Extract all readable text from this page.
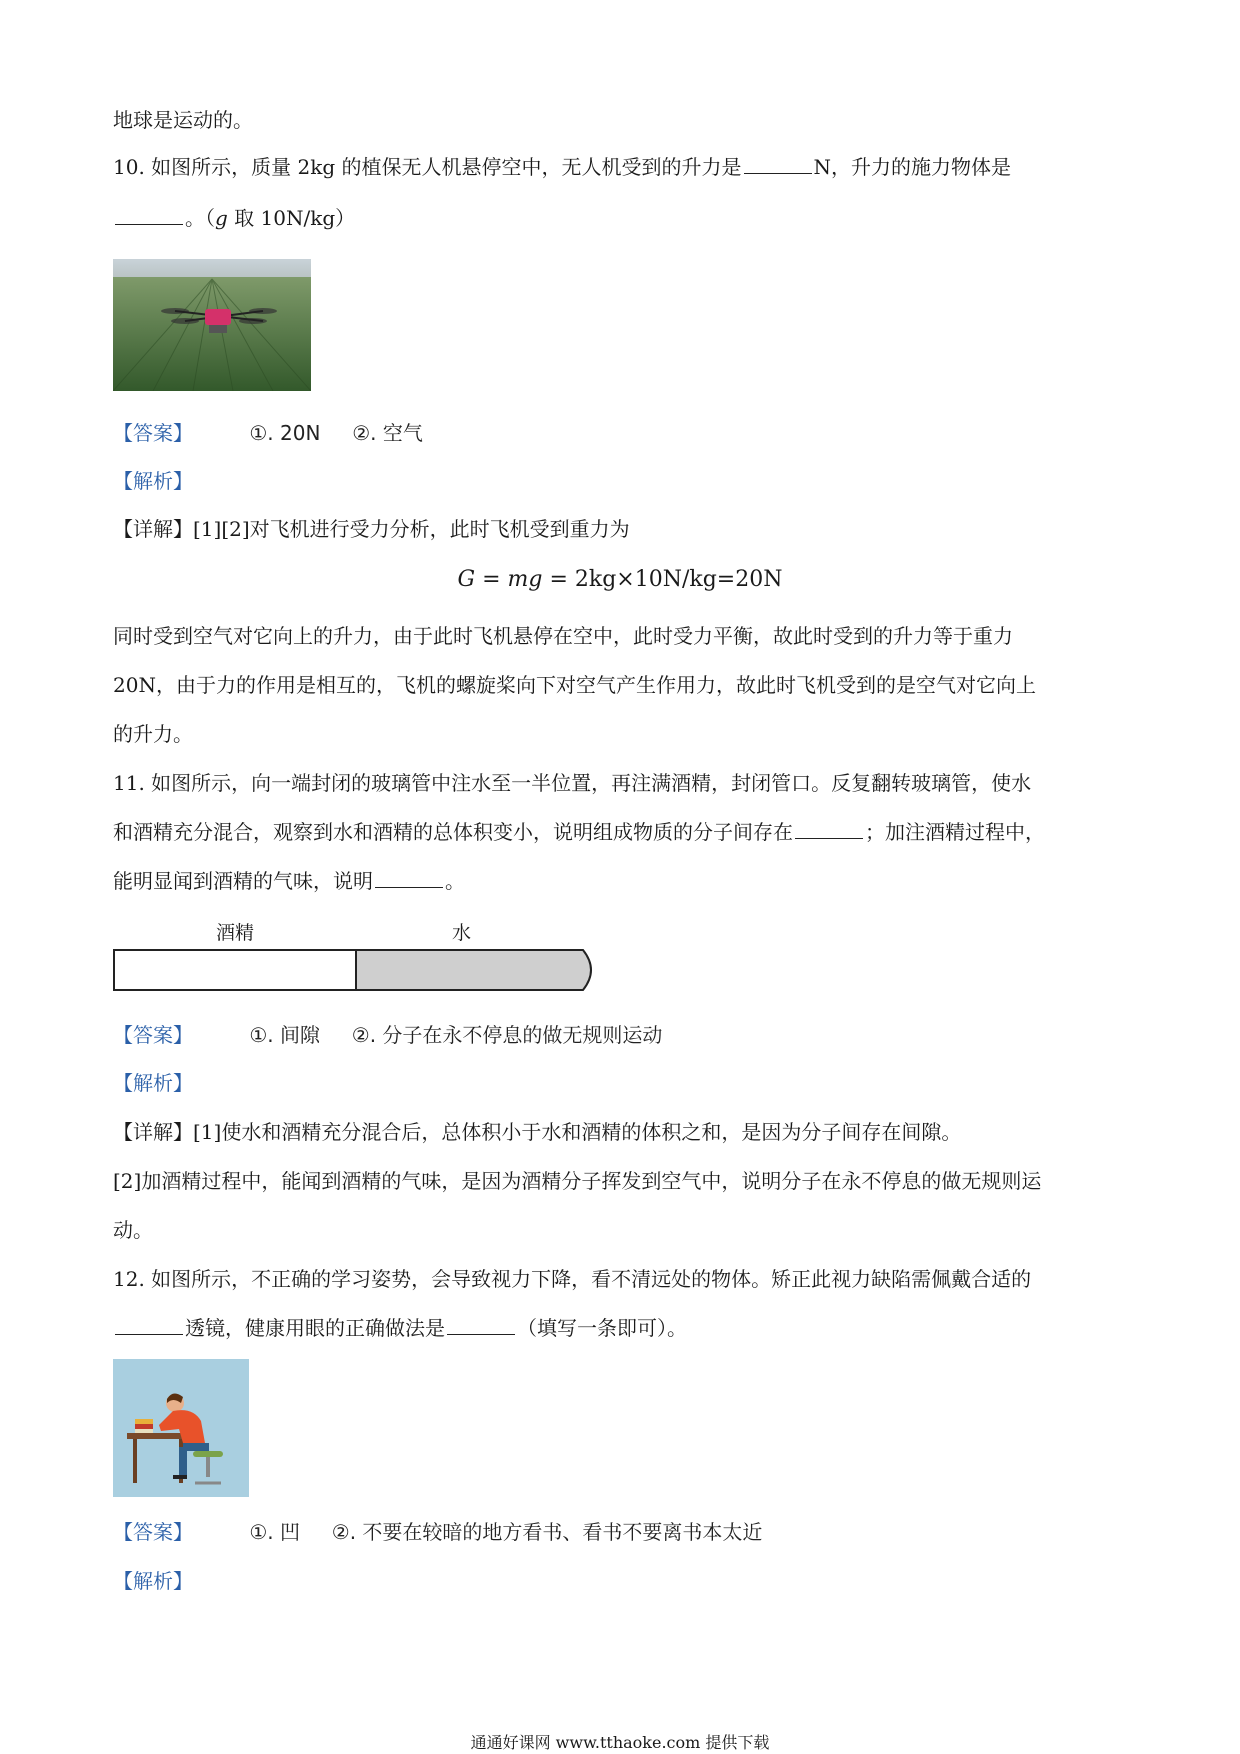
地球是运动的。
10. 如图所示，质量 2kg 的植保无人机悬停空中，无人机受到的升力是	N，升力的施力物体是
。（g 取 10N/kg）
【答案】	①. 20N     ②. 空气
【解析】
【详解】[1][2]对飞机进行受力分析，此时飞机受到重力为
G = mg = 2kg×10N/kg=20N
同时受到空气对它向上的升力，由于此时飞机悬停在空中，此时受力平衡，故此时受到的升力等于重力
20N，由于力的作用是相互的，飞机的螺旋桨向下对空气产生作用力，故此时飞机受到的是空气对它向上
的升力。
11. 如图所示，向一端封闭的玻璃管中注水至一半位置，再注满酒精，封闭管口。反复翻转玻璃管，使水
和酒精充分混合，观察到水和酒精的总体积变小，说明组成物质的分子间存在	；加注酒精过程中，
能明显闻到酒精的气味，说明	。
酒精	水
【答案】	①. 间隙     ②. 分子在永不停息的做无规则运动
【解析】
【详解】[1]使水和酒精充分混合后，总体积小于水和酒精的体积之和，是因为分子间存在间隙。
[2]加酒精过程中，能闻到酒精的气味，是因为酒精分子挥发到空气中，说明分子在永不停息的做无规则运
动。
12. 如图所示，不正确的学习姿势，会导致视力下降，看不清远处的物体。矫正此视力缺陷需佩戴合适的
透镜，健康用眼的正确做法是	（填写一条即可）。
【答案】	①. 凹     ②. 不要在较暗的地方看书、看书不要离书本太近
【解析】
通通好课网 www.tthaoke.com 提供下载
